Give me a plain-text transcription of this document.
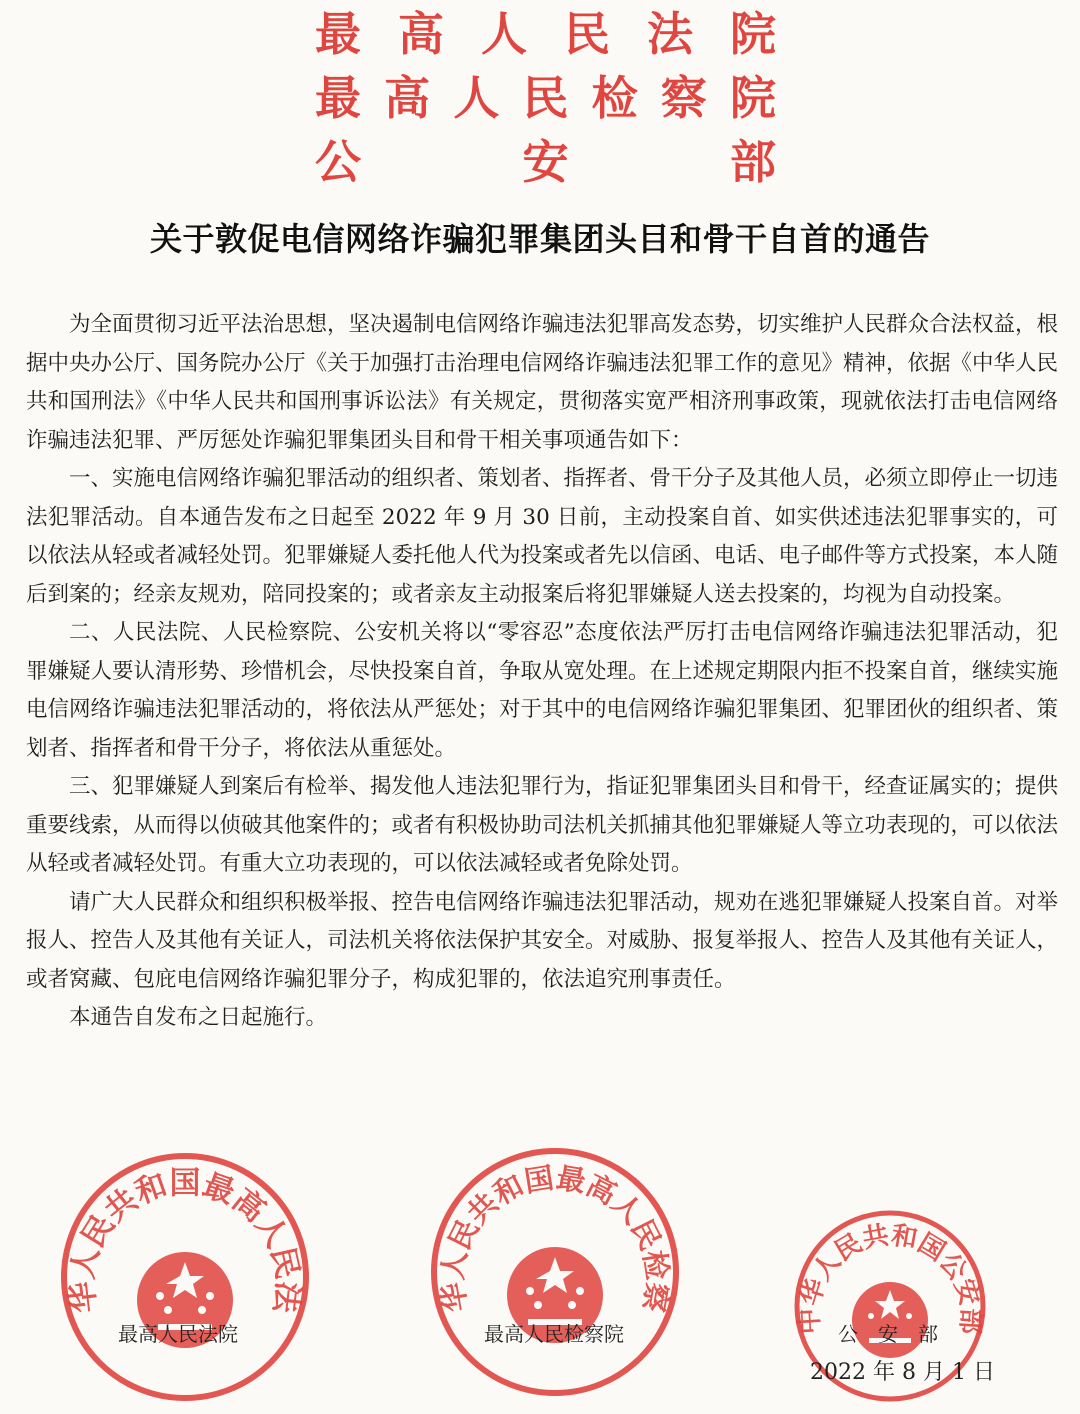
最 高 人 民 法 院
最 高 人 民 检 察 院
公	安	部
关于敦促电信网络诈骗犯罪集团头目和骨干自首的通告

为全面贯彻习近平法治思想，坚决遏制电信网络诈骗违法犯罪高发态势，切实维护人民群众合法权益，根据中央办公厅、国务院办公厅《关于加强打击治理电信网络诈骗违法犯罪工作的意见》精神，依据《中华人民共和国刑法》《中华人民共和国刑事诉讼法》有关规定，贯彻落实宽严相济刑事政策，现就依法打击电信网络诈骗违法犯罪、严厉惩处诈骗犯罪集团头目和骨干相关事项通告如下：

一、实施电信网络诈骗犯罪活动的组织者、策划者、指挥者、骨干分子及其他人员，必须立即停止一切违法犯罪活动。自本通告发布之日起至 2022 年 9 月 30 日前，主动投案自首、如实供述违法犯罪事实的，可以依法从轻或者减轻处罚。犯罪嫌疑人委托他人代为投案或者先以信函、电话、电子邮件等方式投案，本人随后到案的；经亲友规劝，陪同投案的；或者亲友主动报案后将犯罪嫌疑人送去投案的，均视为自动投案。

二、人民法院、人民检察院、公安机关将以“零容忍”态度依法严厉打击电信网络诈骗违法犯罪活动，犯罪嫌疑人要认清形势、珍惜机会，尽快投案自首，争取从宽处理。在上述规定期限内拒不投案自首，继续实施电信网络诈骗违法犯罪活动的，将依法从严惩处；对于其中的电信网络诈骗犯罪集团、犯罪团伙的组织者、策划者、指挥者和骨干分子，将依法从重惩处。

三、犯罪嫌疑人到案后有检举、揭发他人违法犯罪行为，指证犯罪集团头目和骨干，经查证属实的；提供重要线索，从而得以侦破其他案件的；或者有积极协助司法机关抓捕其他犯罪嫌疑人等立功表现的，可以依法从轻或者减轻处罚。有重大立功表现的，可以依法减轻或者免除处罚。

请广大人民群众和组织积极举报、控告电信网络诈骗违法犯罪活动，规劝在逃犯罪嫌疑人投案自首。对举报人、控告人及其他有关证人，司法机关将依法保护其安全。对威胁、报复举报人、控告人及其他有关证人，或者窝藏、包庇电信网络诈骗犯罪分子，构成犯罪的，依法追究刑事责任。

本通告自发布之日起施行。

中华人民共和国最高人民法院
最高人民法院
中华人民共和国最高人民检察院
最高人民检察院	中华人民共和国公安部
公　安　部
2022 年 8 月 1 日
